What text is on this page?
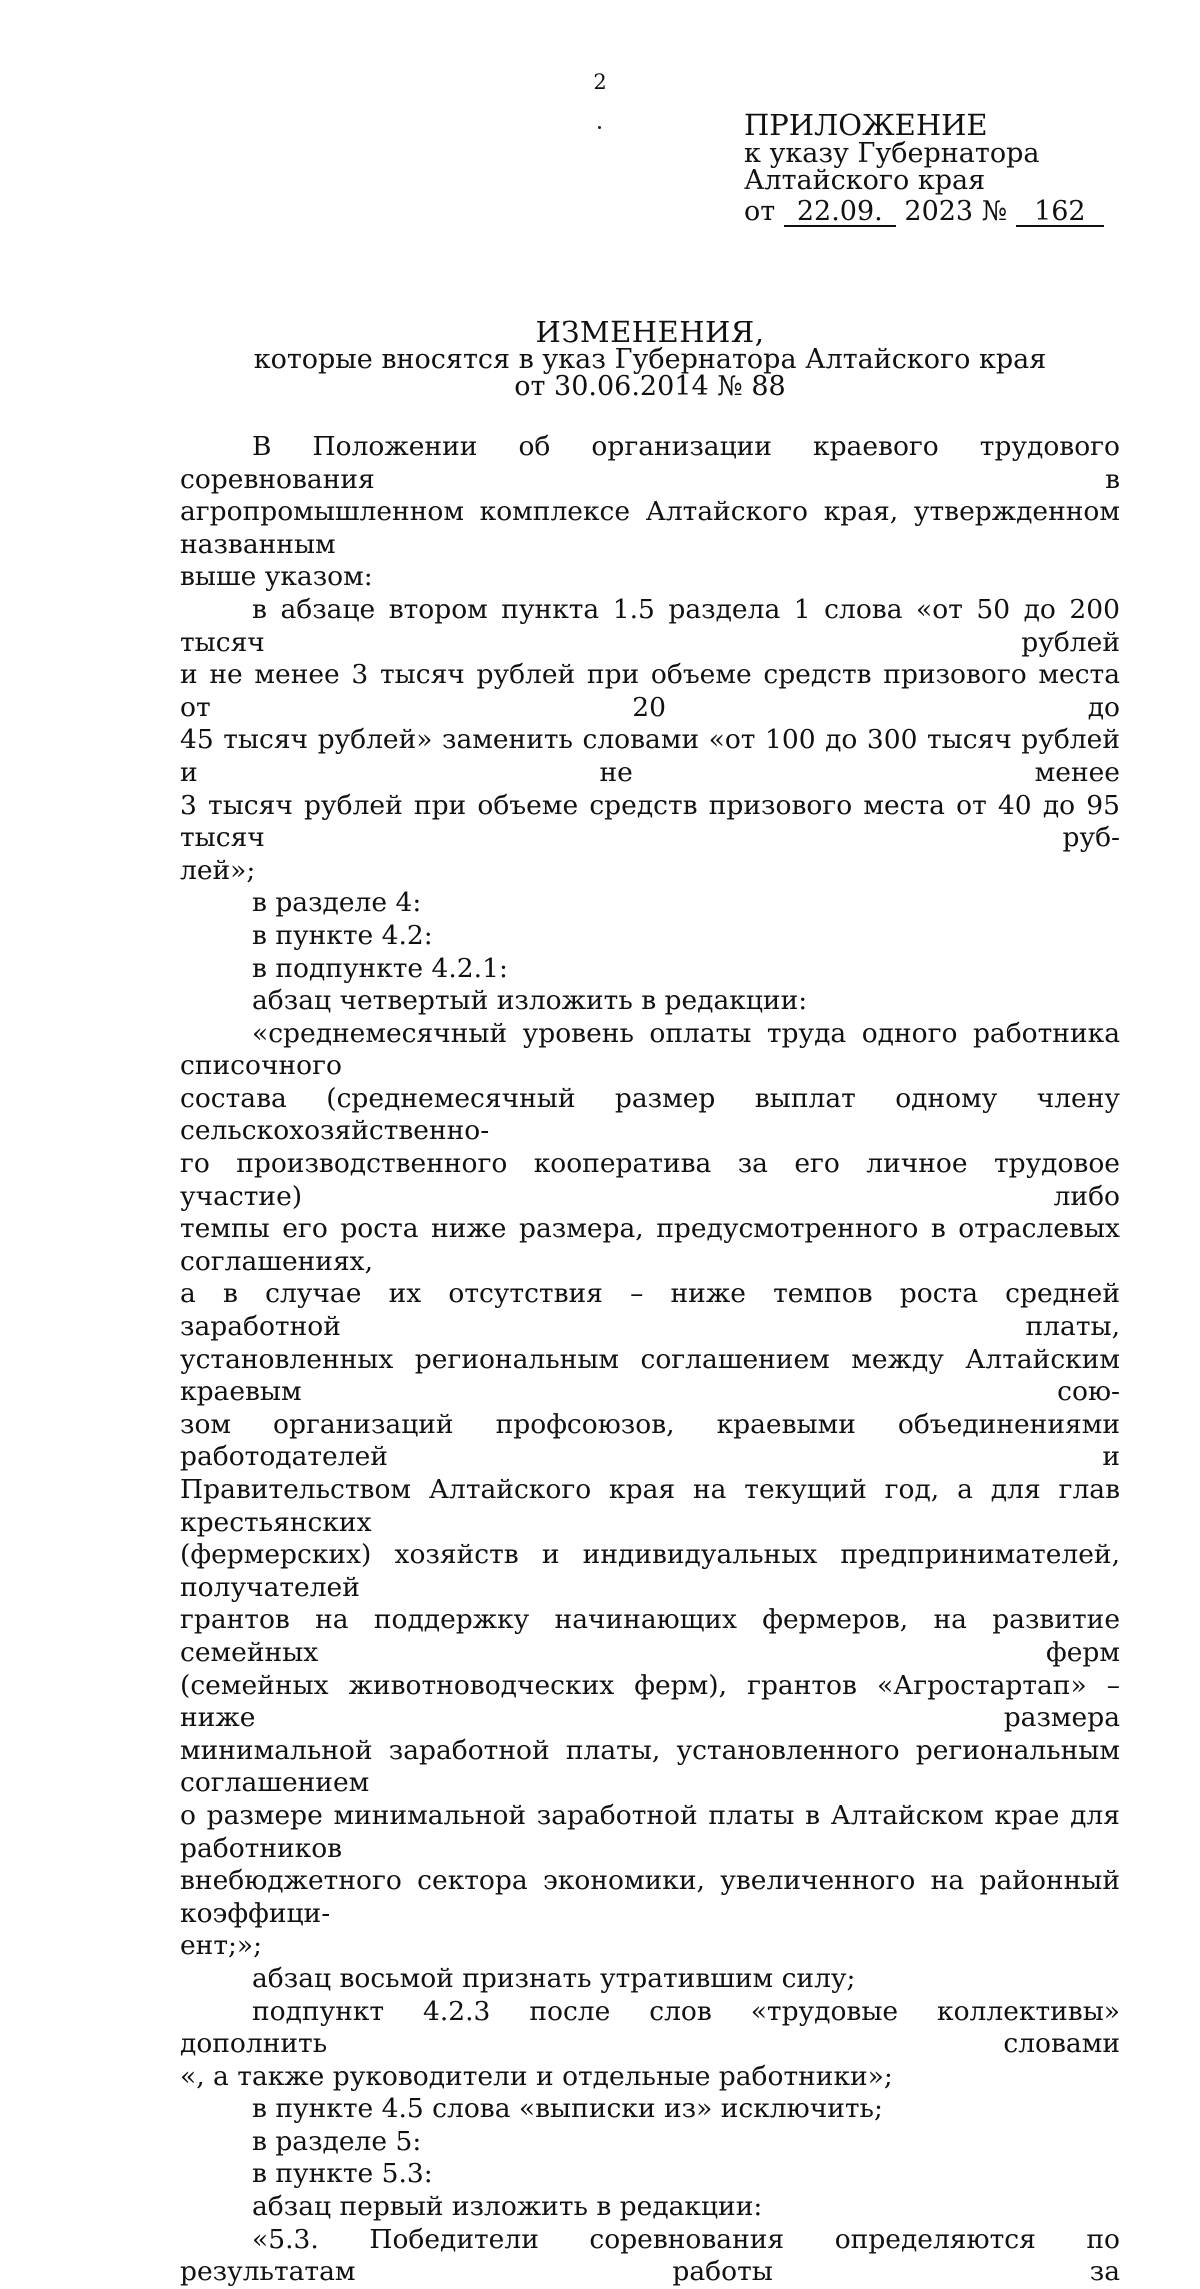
2
ПРИЛОЖЕНИЕ
к указу Губернатора
Алтайского края
от 22.09. 2023 № 162
ИЗМЕНЕНИЯ,
которые вносятся в указ Губернатора Алтайского края
от 30.06.2014 № 88
В Положении об организации краевого трудового соревнования в
агропромышленном комплексе Алтайского края, утвержденном названным
выше указом:
в абзаце втором пункта 1.5 раздела 1 слова «от 50 до 200 тысяч рублей
и не менее 3 тысяч рублей при объеме средств призового места от 20 до
45 тысяч рублей» заменить словами «от 100 до 300 тысяч рублей и не менее
3 тысяч рублей при объеме средств призового места от 40 до 95 тысяч руб-
лей»;
в разделе 4:
в пункте 4.2:
в подпункте 4.2.1:
абзац четвертый изложить в редакции:
«среднемесячный уровень оплаты труда одного работника списочного
состава (среднемесячный размер выплат одному члену сельскохозяйственно-
го производственного кооператива за его личное трудовое участие) либо
темпы его роста ниже размера, предусмотренного в отраслевых соглашениях,
а в случае их отсутствия – ниже темпов роста средней заработной платы,
установленных региональным соглашением между Алтайским краевым сою-
зом организаций профсоюзов, краевыми объединениями работодателей и
Правительством Алтайского края на текущий год, а для глав крестьянских
(фермерских) хозяйств и индивидуальных предпринимателей, получателей
грантов на поддержку начинающих фермеров, на развитие семейных ферм
(семейных животноводческих ферм), грантов «Агростартап» – ниже размера
минимальной заработной платы, установленного региональным соглашением
о размере минимальной заработной платы в Алтайском крае для работников
внебюджетного сектора экономики, увеличенного на районный коэффици-
ент;»;
абзац восьмой признать утратившим силу;
подпункт 4.2.3 после слов «трудовые коллективы» дополнить словами
«, а также руководители и отдельные работники»;
в пункте 4.5 слова «выписки из» исключить;
в разделе 5:
в пункте 5.3:
абзац первый изложить в редакции:
«5.3. Победители соревнования определяются по результатам работы за
